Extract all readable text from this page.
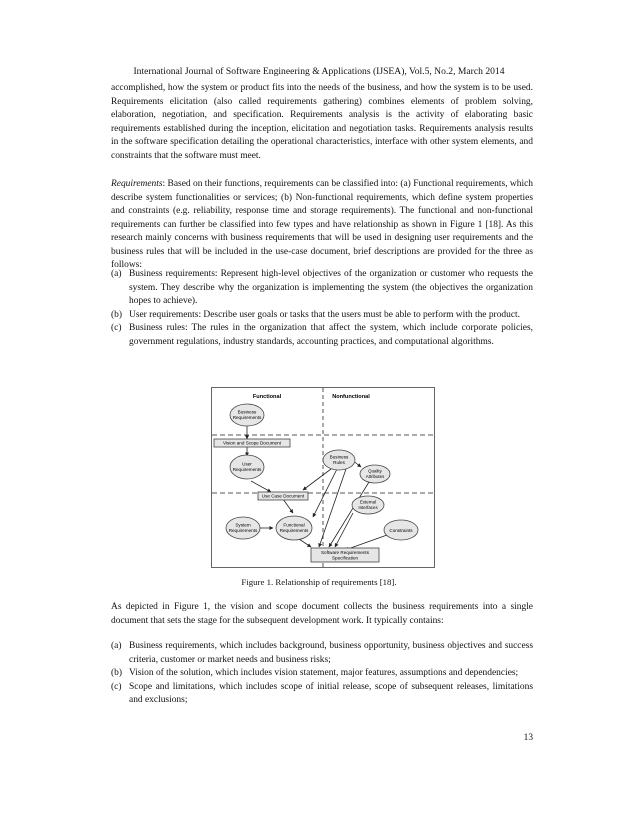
International Journal of Software Engineering & Applications (IJSEA), Vol.5, No.2, March 2014
accomplished, how the system or product fits into the needs of the business, and how the system is to be used. Requirements elicitation (also called requirements gathering) combines elements of problem solving, elaboration, negotiation, and specification. Requirements analysis is the activity of elaborating basic requirements established during the inception, elicitation and negotiation tasks. Requirements analysis results in the software specification detailing the operational characteristics, interface with other system elements, and constraints that the software must meet.
Requirements: Based on their functions, requirements can be classified into: (a) Functional requirements, which describe system functionalities or services; (b) Non-functional requirements, which define system properties and constraints (e.g. reliability, response time and storage requirements). The functional and non-functional requirements can further be classified into few types and have relationship as shown in Figure 1 [18]. As this research mainly concerns with business requirements that will be used in designing user requirements and the business rules that will be included in the use-case document, brief descriptions are provided for the three as follows:
(a) Business requirements: Represent high-level objectives of the organization or customer who requests the system. They describe why the organization is implementing the system (the objectives the organization hopes to achieve).
(b) User requirements: Describe user goals or tasks that the users must be able to perform with the product.
(c) Business rules: The rules in the organization that affect the system, which include corporate policies, government regulations, industry standards, accounting practices, and computational algorithms.
Functional	Nonfunctional
Business
Requirements
Vision and Scope Document
User
Requirements
Business
Rules
Quality
Attributes
Use Case Document
System
Requirements
Functional
Requirements
External
Interfaces
Constraints
Software Requirements
Specification
Figure 1. Relationship of requirements [18].
As depicted in Figure 1, the vision and scope document collects the business requirements into a single document that sets the stage for the subsequent development work. It typically contains:
(a) Business requirements, which includes background, business opportunity, business objectives and success criteria, customer or market needs and business risks;
(b) Vision of the solution, which includes vision statement, major features, assumptions and dependencies;
(c) Scope and limitations, which includes scope of initial release, scope of subsequent releases, limitations and exclusions;
13
